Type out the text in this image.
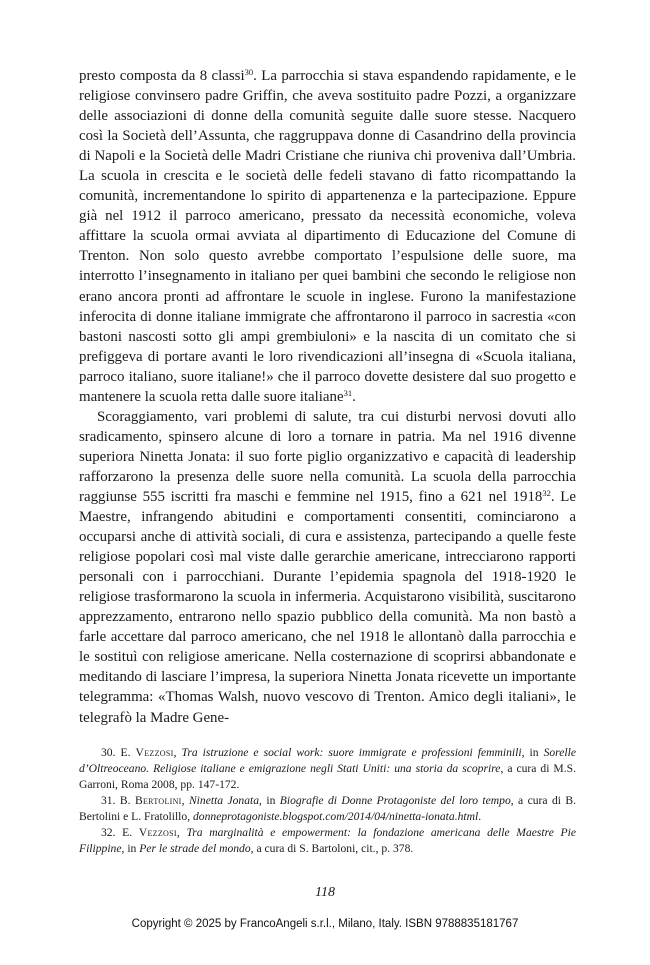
presto composta da 8 classi$^{30}$. La parrocchia si stava espandendo rapidamente, e le religiose convinsero padre Griffin, che aveva sostituito padre Pozzi, a organizzare delle associazioni di donne della comunità seguite dalle suore stesse. Nacquero così la Società dell’Assunta, che raggruppava donne di Casandrino della provincia di Napoli e la Società delle Madri Cristiane che riuniva chi proveniva dall’Umbria. La scuola in crescita e le società delle fedeli stavano di fatto ricompattando la comunità, incrementandone lo spirito di appartenenza e la partecipazione. Eppure già nel 1912 il parroco americano, pressato da necessità economiche, voleva affittare la scuola ormai avviata al dipartimento di Educazione del Comune di Trenton. Non solo questo avrebbe comportato l’espulsione delle suore, ma interrotto l’insegnamento in italiano per quei bambini che secondo le religiose non erano ancora pronti ad affrontare le scuole in inglese. Furono la manifestazione inferocita di donne italiane immigrate che affrontarono il parroco in sacrestia «con bastoni nascosti sotto gli ampi grembiuloni» e la nascita di un comitato che si prefiggeva di portare avanti le loro rivendicazioni all’insegna di «Scuola italiana, parroco italiano, suore italiane!» che il parroco dovette desistere dal suo progetto e mantenere la scuola retta dalle suore italiane$^{31}$.

Scoraggiamento, vari problemi di salute, tra cui disturbi nervosi dovuti allo sradicamento, spinsero alcune di loro a tornare in patria. Ma nel 1916 divenne superiora Ninetta Jonata: il suo forte piglio organizzativo e capacità di leadership rafforzarono la presenza delle suore nella comunità. La scuola della parrocchia raggiunse 555 iscritti fra maschi e femmine nel 1915, fino a 621 nel 1918$^{32}$. Le Maestre, infrangendo abitudini e comportamenti consentiti, cominciarono a occuparsi anche di attività sociali, di cura e assistenza, partecipando a quelle feste religiose popolari così mal viste dalle gerarchie americane, intrecciarono rapporti personali con i parrocchiani. Durante l’epidemia spagnola del 1918-1920 le religiose trasformarono la scuola in infermeria. Acquistarono visibilità, suscitarono apprezzamento, entrarono nello spazio pubblico della comunità. Ma non bastò a farle accettare dal parroco americano, che nel 1918 le allontanò dalla parrocchia e le sostituì con religiose americane. Nella costernazione di scoprirsi abbandonate e meditando di lasciare l’impresa, la superiora Ninetta Jonata ricevette un importante telegramma: «Thomas Walsh, nuovo vescovo di Trenton. Amico degli italiani», le telegrafò la Madre Gene-

30. E. Vezzosi, Tra istruzione e social work: suore immigrate e professioni femminili, in Sorelle d’Oltreoceano. Religiose italiane e emigrazione negli Stati Uniti: una storia da scoprire, a cura di M.S. Garroni, Roma 2008, pp. 147-172.

31. B. Bertolini, Ninetta Jonata, in Biografie di Donne Protagoniste del loro tempo, a cura di B. Bertolini e L. Fratolillo, donneprotagoniste.blogspot.com/2014/04/ninetta-ionata.html.

32. E. Vezzosi, Tra marginalità e empowerment: la fondazione americana delle Maestre Pie Filippine, in Per le strade del mondo, a cura di S. Bartoloni, cit., p. 378.

118
Copyright © 2025 by FrancoAngeli s.r.l., Milano, Italy. ISBN 9788835181767
